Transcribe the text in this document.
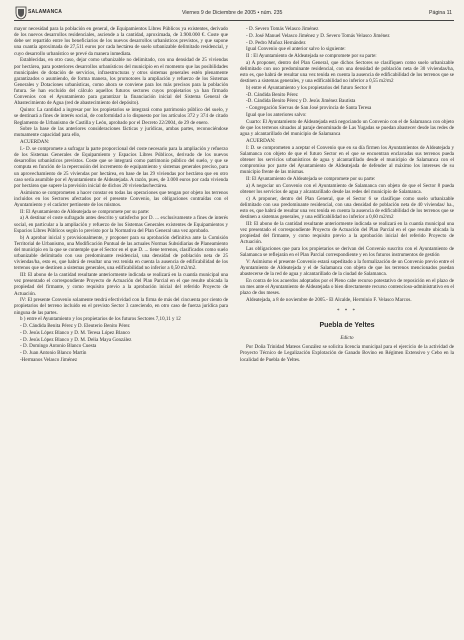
SALAMANCA	Viernes 9 de Diciembre de 2005 • núm. 235	Página 11

mayor necesidad para la población en general, de Equipamientos Libres Públicos ya existentes, derivado de los nuevos desarrollos residenciales, asciende a la cantidad, aproximada, de 3.900.000 €. Coste que debe ser repartido entre los beneficiarios de los nuevos desarrollos urbanísticos previstos, y que supone una cuantía aproximada de 27,511 euros por cada hectárea de suelo urbanizable delimitado residencial, y cuyo desarrollo urbanístico se prevé da manera inmediata.

Establecidas, en otro caso, dejar como urbanizable no delimitado, con una densidad de 25 viviendas por hectárea, para posteriores desarrollos urbanísticos del municipio en el momento que las posibilidades municipales de dotación de servicios, infraestructuras y otros sistemas generales estén plenamente garantizados o asumiendo, de forma manera, los promotores la ampliación y refuerzo de los Sistemas Generales y Dotaciones urbanísticas, como ahora se conviene para los más precisos para la población futura. Se han excluido del cálculo aquellos futuros sectores cuyos propietarios ya han firmado Convenios con el Ayuntamiento para garantizar la financiación inicial del Sistema General de Abastecimiento de Agua (red de abastecimiento del depósito).

Quinto: La cantidad a ingresar por los propietarios se integrará como patrimonio público del suelo, y se destinará a fines de interés social, de conformidad a lo dispuesto por los artículos 372 y 374 de citado Reglamento de Urbanismo de Castilla y León, aprobado por el Decreto 22/2004, de 29 de enero.

Sobre la base de las anteriores consideraciones fácticas y jurídicas, ambas partes, reconociéndose mutuamente capacidad para ello,

ACUERDAN:

I.- D. se compromete a sufragar la parte proporcional del coste necesario para la ampliación y refuerzo de los Sistemas Generales de Equipamiento y Espacios Libres Públicos, derivado de los nuevos desarrollos urbanísticos previstos. Coste que se integrará como patrimonio público del suelo, y que se computa en función de la repercusión del incremento de equipamiento y sistemas generales preciso, para un aprovechamiento de 25 viviendas por hectárea, en base de las 29 viviendas por hectárea que en otro caso sería asumible por el Ayuntamiento de Aldeatejada. A razón, pues, de 3.000 euros por cada vivienda por hectárea que supere la previsión inicial de dichos 20 viviendas/hectárea.

Asimismo se comprometen a hacer constar en todas las operaciones que tengan por objeto los terrenos incluidos en los Sectores afectados por el presente Convenio, las obligaciones contraídas con el Ayuntamiento y el carácter pertinente de los mismos.

II: El Ayuntamiento de Aldeatejada se compromete por su parte:

a) A destinar el coste sufragado antes descrito y satisfecho por D. ... exclusivamente a fines de interés social, en particular a la ampliación y refuerzo de los Sistemas Generales existentes de Equipamientos y Espacios Libres Públicos según lo previsto por la Normativa del Plan General una vez aprobado.

b) A aprobar inicial y provisionalmente, y proponer para su aprobación definitiva ante la Comisión Territorial de Urbanismo, una Modificación Puntual de las actuales Normas Subsidiarias de Planeamiento del municipio en la que se contemple que el Sector en el que D. ... tiene terrenos, clasificados como suelo urbanizable delimitado con uso predominante residencial, una densidad de población neta de 25 viviendas/ha, esto es, que habrá de resultar una vez tenida en cuenta la ausencia de edificabilidad de los terrenos que se destinen a sistemas generales, una edificabilidad no inferior a 0,50 m2/m2.

III: El abono de la cantidad resultante anteriormente indicada se realizará en la cuantía municipal una vez presentado el correspondiente Proyecto de Actuación del Plan Parcial en el que resulte ubicada la propiedad del firmante, y como requisito previo a la aprobación inicial del referido Proyecto de Actuación.

IV: El presente Convenio solamente tendrá efectividad con la firma de más del cincuenta por ciento de propietarios del terreno incluido en el previsto Sector 3 careciendo, en otro caso de fuerza jurídica para ninguna de las partes.

b ) entre el Ayuntamiento y los propietarios de los futuros Sectores 7,10,11 y 12

- D. Cándida Benita Pérez y D. Eleuterio Benito Pérez

- D. Jesús López Blanco y D. M. Teresa López Blanco

- D. Jesús López Blanco y D. M. Delia Maya González

- D. Domingo Antonio Blanco Cuesta

- D. Juan Antonio Blanco Martín

-Hermanos Velasco Jiménez

- D. Severo Tomás Velasco Jiménez

- D. José Manuel Velasco Jiménez y D. Severo Tomás Velasco Jiménez

- D. Pedro Muñoz Hernández

Igual Convenio que el anterior salvo lo siguiente:

II : El Ayuntamiento de Aldeatejada se compromete por su parte:

a) A proponer, dentro del Plan General, que dichos Sectores se clasifiquen como suelo urbanizable delimitado con uso predominante residencial, con una densidad de población neta de 30 viviendas/ha, esto es, que habrá de resultar una vez tenida en cuenta la ausencia de edificabilidad de los terrenos que se destinen a sistemas generales, y una edificabilidad no inferior a 0,55 m2/m2

b) entre el Ayuntamiento y los propietarios del futuro Sector 8

-D. Cándida Benito Pérez

-D. Cándida Benito Pérez y D. Jesús Jiménez Bautista

- Congregación Siervas de San José provincia de Santa Teresa

Igual que los anteriores salvo:

Cuarto: El Ayuntamiento de Aldeatejada está negociando un Convenio con el de Salamanca con objeto de que los terrenos situados al paraje denominado de Las Yugadas se puedan abastecer desde las redes de agua y alcantarillado del municipio de Salamanca

ACUERDAN:

I: D. se comprometen a aceptar el Convenio que en su día firmen los Ayuntamientos de Aldeatejada y Salamanca con objeto de que el futuro Sector en el que se encuentran enclavadas sus terrenos pueda obtener los servicios urbanísticos de agua y alcantarillado desde el municipio de Salamanca con el compromiso por parte del Ayuntamiento de Aldeatejada de defender al máximo los intereses de su municipio frente de las mismas.

II: El Ayuntamiento de Aldeatejada se compromete por su parte:

a) A negociar un Convenio con el Ayuntamiento de Salamanca con objeto de que el Sector 8 pueda obtener los servicios de agua y alcantarillado desde las redes del municipio de Salamanca.

c) A proponer, dentro del Plan General, que el Sector 6 se clasifique como suelo urbanizable delimitado con uso predominante residencial, con una densidad de población neta de 40 viviendas/ ha., esto es, que habrá de resultar una vez tenida en cuenta la ausencia de edificabilidad de los terrenos que se destinen a sistemas generales, y una edificabilidad no inferior a 0,60 m2/m2

III: El abono de la cantidad resultante anteriormente indicada se realizará en la cuantía municipal una vez presentado el correspondiente Proyecto de Actuación del Plan Parcial en el que resulte ubicada la propiedad del firmante, y como requisito previo a la aprobación inicial del referido Proyecto de Actuación.

Las obligaciones que para los propietarios se derivan del Convenio suscrito con el Ayuntamiento de Salamanca se reflejarán en el Plan Parcial correspondiente y en los futuros instrumentos de gestión

V: Asimismo el presente Convenio estará supeditado a la formalización de un Convenio previo entre el Ayuntamiento de Aldeatejada y el de Salamanca con objeto de que los terrenos mencionados puedan abastecerse de la red de agua y alcantarillado de la ciudad de Salamanca.

En contra de los acuerdos adoptados por el Pleno cabe recurso potestativo de reposición en el plazo de un mes ante el Ayuntamiento de Aldeatejada o bien directamente recurso contencioso-administrativo en el plazo de dos meses.

Aldeatejada, a 8 de noviembre de 2005.- El Alcalde, Herminio F. Velasco Marcos.

* * *
Puebla de Yeltes
Edicto

Por Doña Trinidad Mateos González se solicita licencia municipal para el ejercicio de la actividad de Proyecto Técnico de Legalización Explotación de Ganado Bovino en Régimen Extensivo y Cebo en la localidad de Puebla de Yeltes.
